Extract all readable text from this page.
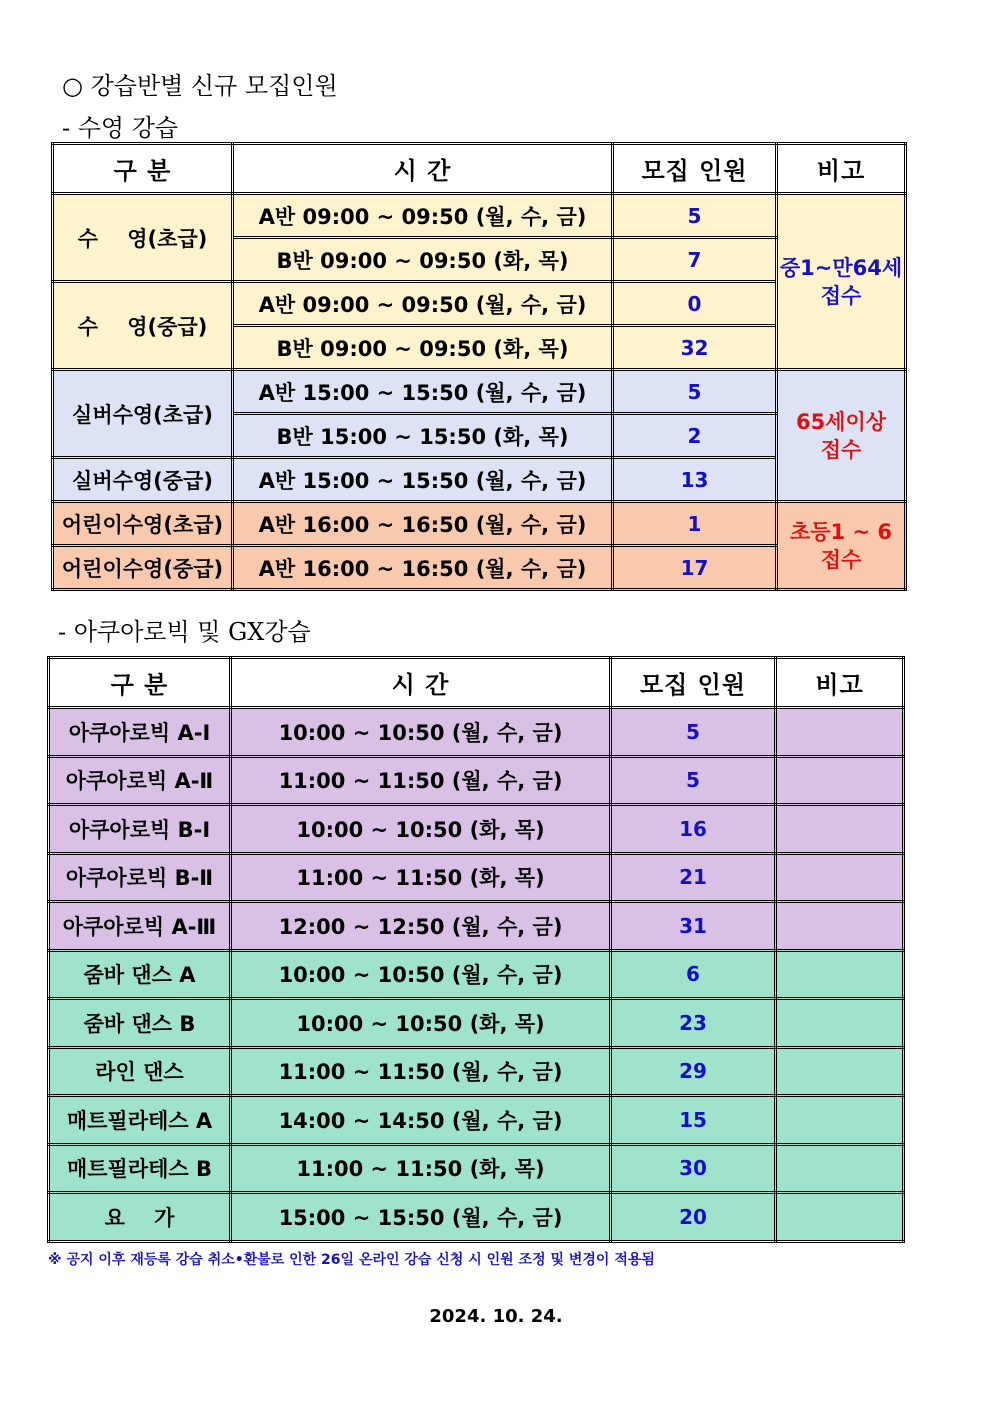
○ 강습반별 신규 모집인원
- 수영 강습
구 분	시 간	모집 인원	비고
수    영(초급)	A반 09:00 ~ 09:50 (월, 수, 금)	5	중1~만64세
접수

	B반 09:00 ~ 09:50 (화, 목)	7	
수    영(중급)	A반 09:00 ~ 09:50 (월, 수, 금)	0	
	B반 09:00 ~ 09:50 (화, 목)	32	
실버수영(초급)	A반 15:00 ~ 15:50 (월, 수, 금)	5	65세이상
접수

	B반 15:00 ~ 15:50 (화, 목)	2	
실버수영(중급)	A반 15:00 ~ 15:50 (월, 수, 금)	13	
어린이수영(초급)	A반 16:00 ~ 16:50 (월, 수, 금)	1	초등1 ~ 6
접수

어린이수영(중급)	A반 16:00 ~ 16:50 (월, 수, 금)	17	
- 아쿠아로빅 및 GX강습
구 분	시 간	모집 인원	비고
아쿠아로빅 A-Ⅰ	10:00 ~ 10:50 (월, 수, 금)	5	
아쿠아로빅 A-Ⅱ	11:00 ~ 11:50 (월, 수, 금)	5	
아쿠아로빅 B-Ⅰ	10:00 ~ 10:50 (화, 목)	16	
아쿠아로빅 B-Ⅱ	11:00 ~ 11:50 (화, 목)	21	
아쿠아로빅 A-Ⅲ	12:00 ~ 12:50 (월, 수, 금)	31	
줌바 댄스 A	10:00 ~ 10:50 (월, 수, 금)	6	
줌바 댄스 B	10:00 ~ 10:50 (화, 목)	23	
라인 댄스	11:00 ~ 11:50 (월, 수, 금)	29	
매트필라테스 A	14:00 ~ 14:50 (월, 수, 금)	15	
매트필라테스 B	11:00 ~ 11:50 (화, 목)	30	
요    가	15:00 ~ 15:50 (월, 수, 금)	20	
※ 공지 이후 재등록 강습 취소•환불로 인한 26일 온라인 강습 신청 시 인원 조정 및 변경이 적용됨
2024. 10. 24.
